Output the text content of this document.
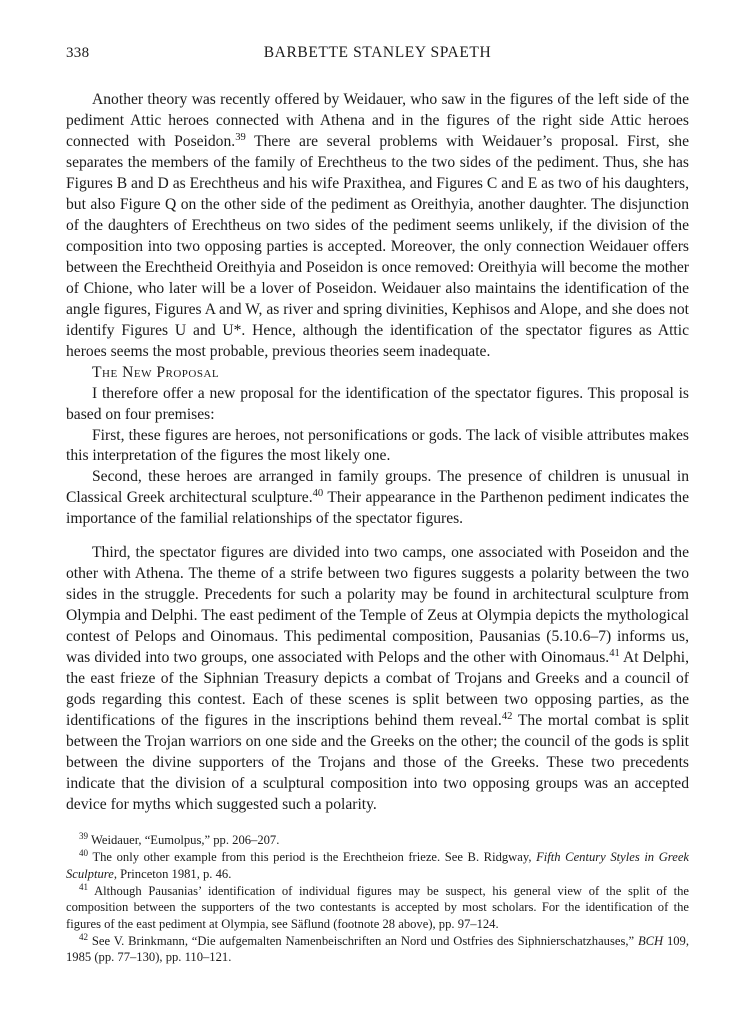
338	BARBETTE STANLEY SPAETH

Another theory was recently offered by Weidauer, who saw in the figures of the left side of the pediment Attic heroes connected with Athena and in the figures of the right side Attic heroes connected with Poseidon.$^{39}$ There are several problems with Weidauer’s proposal. First, she separates the members of the family of Erechtheus to the two sides of the pediment. Thus, she has Figures B and D as Erechtheus and his wife Praxithea, and Figures C and E as two of his daughters, but also Figure Q on the other side of the pediment as Oreithyia, another daughter. The disjunction of the daughters of Erechtheus on two sides of the pediment seems unlikely, if the division of the composition into two opposing parties is accepted. Moreover, the only connection Weidauer offers between the Erechtheid Oreithyia and Poseidon is once removed: Oreithyia will become the mother of Chione, who later will be a lover of Poseidon. Weidauer also maintains the identification of the angle figures, Figures A and W, as river and spring divinities, Kephisos and Alope, and she does not identify Figures U and U*. Hence, although the identification of the spectator figures as Attic heroes seems the most probable, previous theories seem inadequate.

The New Proposal

I therefore offer a new proposal for the identification of the spectator figures. This proposal is based on four premises:

First, these figures are heroes, not personifications or gods. The lack of visible attributes makes this interpretation of the figures the most likely one.

Second, these heroes are arranged in family groups. The presence of children is unusual in Classical Greek architectural sculpture.$^{40}$ Their appearance in the Parthenon pediment indicates the importance of the familial relationships of the spectator figures.

Third, the spectator figures are divided into two camps, one associated with Poseidon and the other with Athena. The theme of a strife between two figures suggests a polarity between the two sides in the struggle. Precedents for such a polarity may be found in architectural sculpture from Olympia and Delphi. The east pediment of the Temple of Zeus at Olympia depicts the mythological contest of Pelops and Oinomaus. This pedimental composition, Pausanias (5.10.6–7) informs us, was divided into two groups, one associated with Pelops and the other with Oinomaus.$^{41}$ At Delphi, the east frieze of the Siphnian Treasury depicts a combat of Trojans and Greeks and a council of gods regarding this contest. Each of these scenes is split between two opposing parties, as the identifications of the figures in the inscriptions behind them reveal.$^{42}$ The mortal combat is split between the Trojan warriors on one side and the Greeks on the other; the council of the gods is split between the divine supporters of the Trojans and those of the Greeks. These two precedents indicate that the division of a sculptural composition into two opposing groups was an accepted device for myths which suggested such a polarity.

$^{39}$ Weidauer, “Eumolpus,” pp. 206–207.

$^{40}$ The only other example from this period is the Erechtheion frieze. See B. Ridgway, Fifth Century Styles in Greek Sculpture, Princeton 1981, p. 46.

$^{41}$ Although Pausanias’ identification of individual figures may be suspect, his general view of the split of the composition between the supporters of the two contestants is accepted by most scholars. For the identification of the figures of the east pediment at Olympia, see Säflund (footnote 28 above), pp. 97–124.

$^{42}$ See V. Brinkmann, “Die aufgemalten Namenbeischriften an Nord und Ostfries des Siphnierschatzhauses,” BCH 109, 1985 (pp. 77–130), pp. 110–121.
